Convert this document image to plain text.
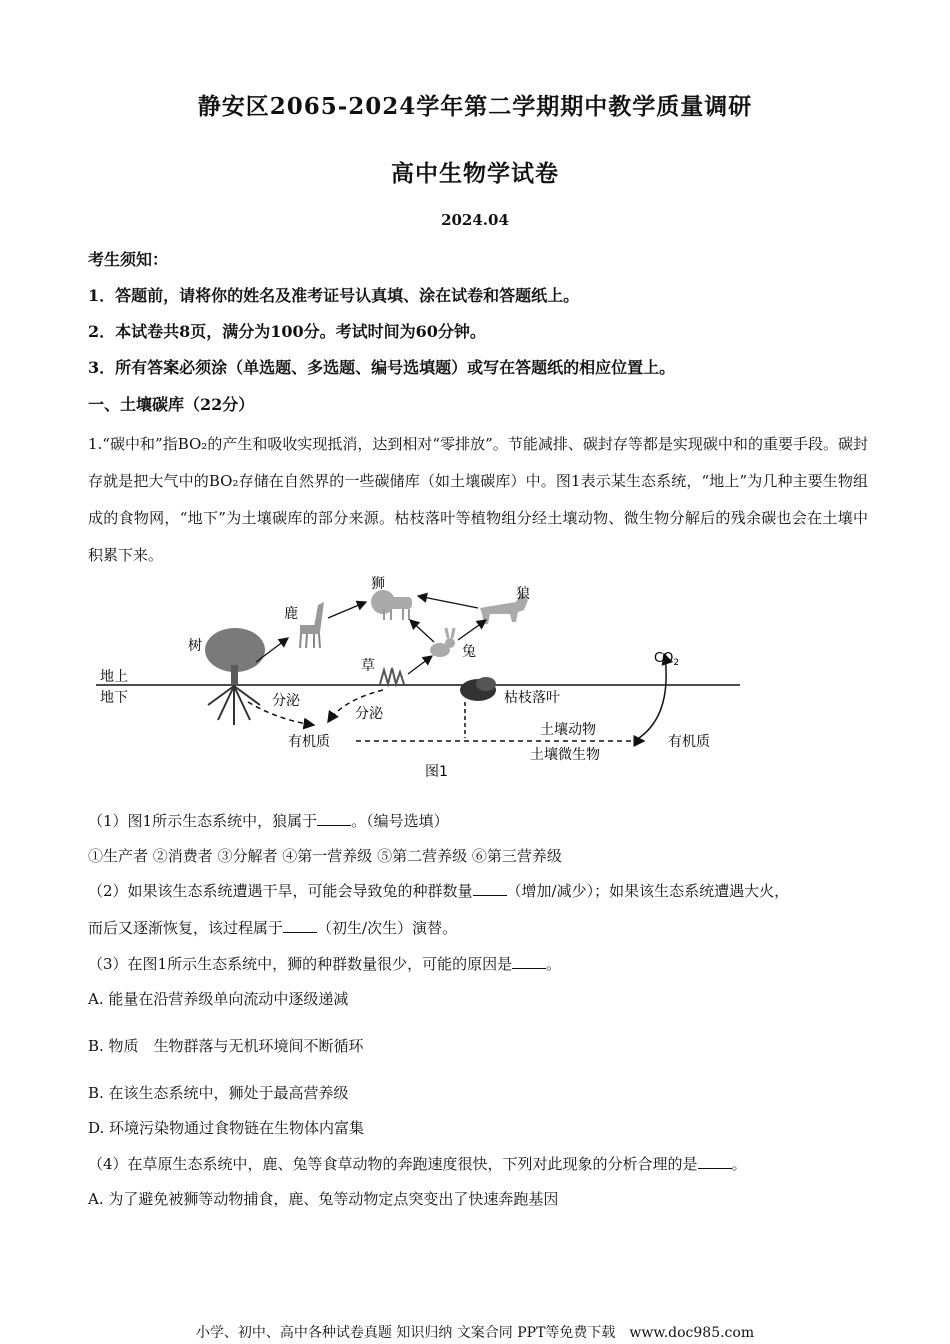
静安区2065-2024学年第二学期期中教学质量调研
高中生物学试卷
2024.04
考生须知：
1．答题前，请将你的姓名及准考证号认真填、涂在试卷和答题纸上。
2．本试卷共8页，满分为100分。考试时间为60分钟。
3．所有答案必须涂（单选题、多选题、编号选填题）或写在答题纸的相应位置上。
一、土壤碳库（22分）
1.“碳中和”指BO₂的产生和吸收实现抵消，达到相对“零排放”。节能减排、碳封存等都是实现碳中和的重要手段。碳封存就是把大气中的BO₂存储在自然界的一些碳储库（如土壤碳库）中。图1表示某生态系统，“地上”为几种主要生物组成的食物网，“地下”为土壤碳库的部分来源。枯枝落叶等植物组分经土壤动物、微生物分解后的残余碳也会在土壤中积累下来。
狮
狼
鹿
树
草
兔
地上
地下	分泌
分泌
枯枝落叶
$CO_2$
有机质
土壤动物
土壤微生物
有机质
图1
（1）图1所示生态系统中，狼属于 。（编号选填）
①生产者 ②消费者 ③分解者 ④第一营养级 ⑤第二营养级 ⑥第三营养级
（2）如果该生态系统遭遇干旱，可能会导致兔的种群数量 （增加/减少）；如果该生态系统遭遇大火，
而后又逐渐恢复，该过程属于 （初生/次生）演替。
（3）在图1所示生态系统中，狮的种群数量很少，可能的原因是 。
A. 能量在沿营养级单向流动中逐级递减
B. 物质　生物群落与无机环境间不断循环
B. 在该生态系统中，狮处于最高营养级
D. 环境污染物通过食物链在生物体内富集
（4）在草原生态系统中，鹿、兔等食草动物的奔跑速度很快，下列对此现象的分析合理的是 。
A. 为了避免被狮等动物捕食，鹿、兔等动物定点突变出了快速奔跑基因
小学、初中、高中各种试卷真题 知识归纳 文案合同 PPT等免费下载　www.doc985.com
